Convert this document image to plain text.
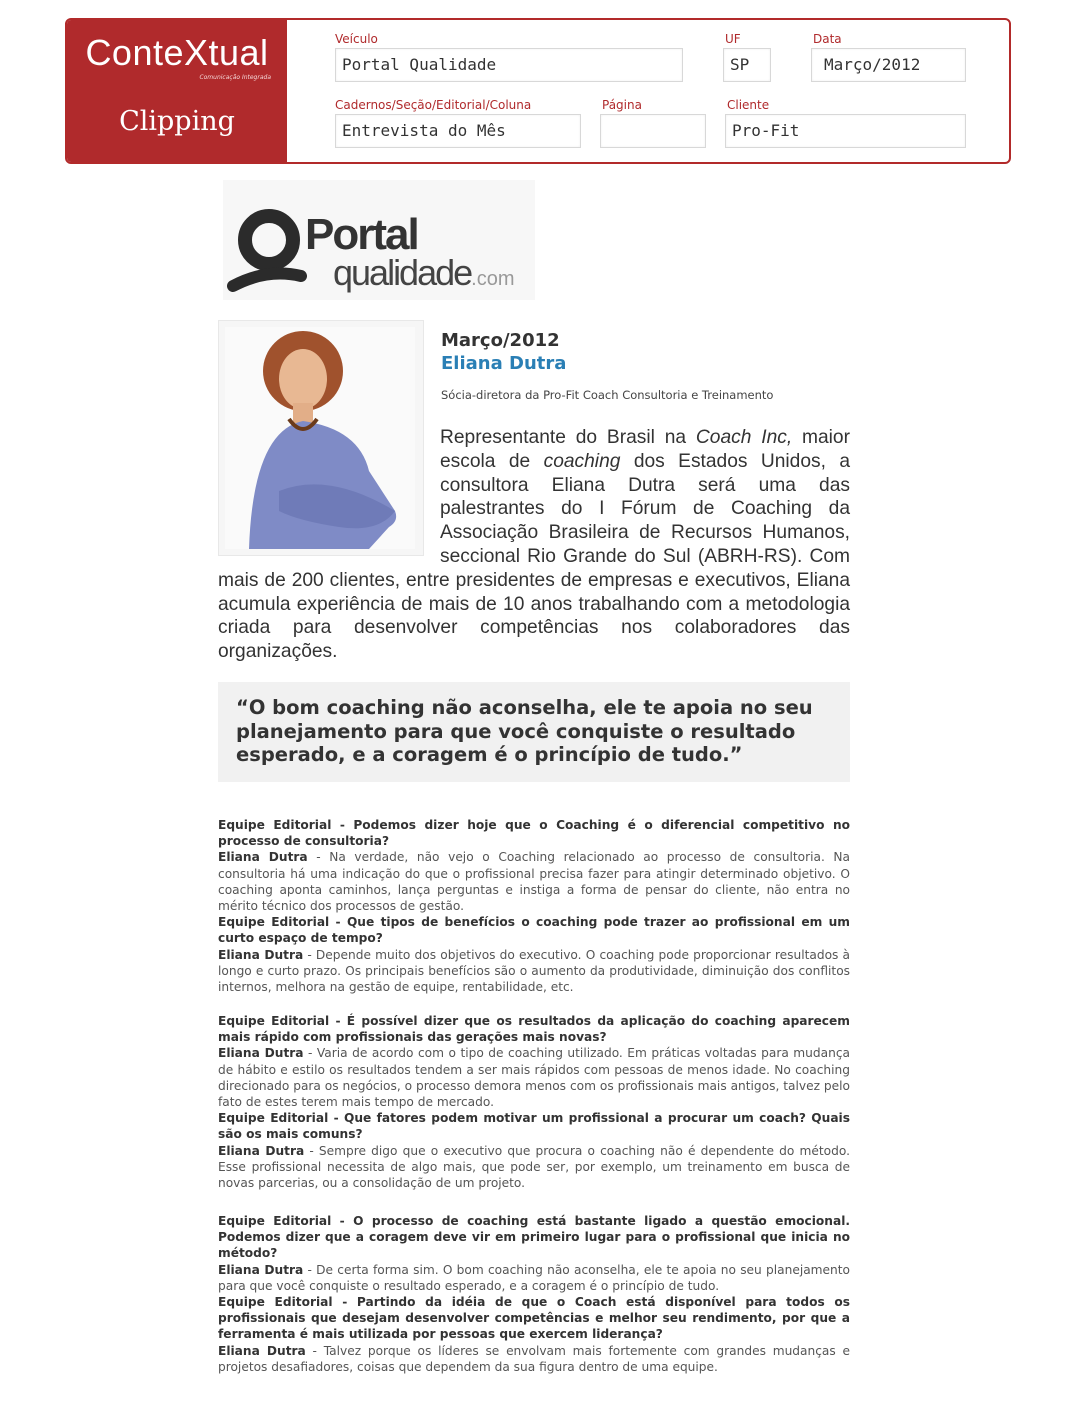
ConteXtual
Comunicação Integrada
Clipping
Veículo
Portal Qualidade
UF
SP
Data
Março/2012
Cadernos/Seção/Editorial/Coluna
Entrevista do Mês
Página	Cliente
Pro-Fit
Portal
qualidade.com
Março/2012
Eliana Dutra
Sócia-diretora da Pro-Fit Coach Consultoria e Treinamento

Representante do Brasil na Coach Inc, maior escola de coaching dos Estados Unidos, a consultora Eliana Dutra será uma das palestrantes do I Fórum de Coaching da Associação Brasileira de Recursos Humanos, seccional Rio Grande do Sul (ABRH-RS). Com mais de 200 clientes, entre presidentes de empresas e executivos, Eliana acumula experiência de mais de 10 anos trabalhando com a metodologia criada para desenvolver competências nos colaboradores das organizações.

“O bom coaching não aconselha, ele te apoia no seu planejamento para que você conquiste o resultado esperado, e a coragem é o princípio de tudo.”

Equipe Editorial - Podemos dizer hoje que o Coaching é o diferencial competitivo no processo de consultoria?
Eliana Dutra - Na verdade, não vejo o Coaching relacionado ao processo de consultoria. Na consultoria há uma indicação do que o profissional precisa fazer para atingir determinado objetivo. O coaching aponta caminhos, lança perguntas e instiga a forma de pensar do cliente, não entra no mérito técnico dos processos de gestão.
Equipe Editorial - Que tipos de benefícios o coaching pode trazer ao profissional em um curto espaço de tempo?
Eliana Dutra - Depende muito dos objetivos do executivo. O coaching pode proporcionar resultados à longo e curto prazo. Os principais benefícios são o aumento da produtividade, diminuição dos conflitos internos, melhora na gestão de equipe, rentabilidade, etc.

Equipe Editorial - É possível dizer que os resultados da aplicação do coaching aparecem mais rápido com profissionais das gerações mais novas?
Eliana Dutra - Varia de acordo com o tipo de coaching utilizado. Em práticas voltadas para mudança de hábito e estilo os resultados tendem a ser mais rápidos com pessoas de menos idade. No coaching direcionado para os negócios, o processo demora menos com os profissionais mais antigos, talvez pelo fato de estes terem mais tempo de mercado.
Equipe Editorial - Que fatores podem motivar um profissional a procurar um coach? Quais são os mais comuns?
Eliana Dutra - Sempre digo que o executivo que procura o coaching não é dependente do método. Esse profissional necessita de algo mais, que pode ser, por exemplo, um treinamento em busca de novas parcerias, ou a consolidação de um projeto.

Equipe Editorial - O processo de coaching está bastante ligado a questão emocional. Podemos dizer que a coragem deve vir em primeiro lugar para o profissional que inicia no método?
Eliana Dutra - De certa forma sim. O bom coaching não aconselha, ele te apoia no seu planejamento para que você conquiste o resultado esperado, e a coragem é o princípio de tudo.
Equipe Editorial - Partindo da idéia de que o Coach está disponível para todos os profissionais que desejam desenvolver competências e melhor seu rendimento, por que a ferramenta é mais utilizada por pessoas que exercem liderança?
Eliana Dutra - Talvez porque os líderes se envolvam mais fortemente com grandes mudanças e projetos desafiadores, coisas que dependem da sua figura dentro de uma equipe.
